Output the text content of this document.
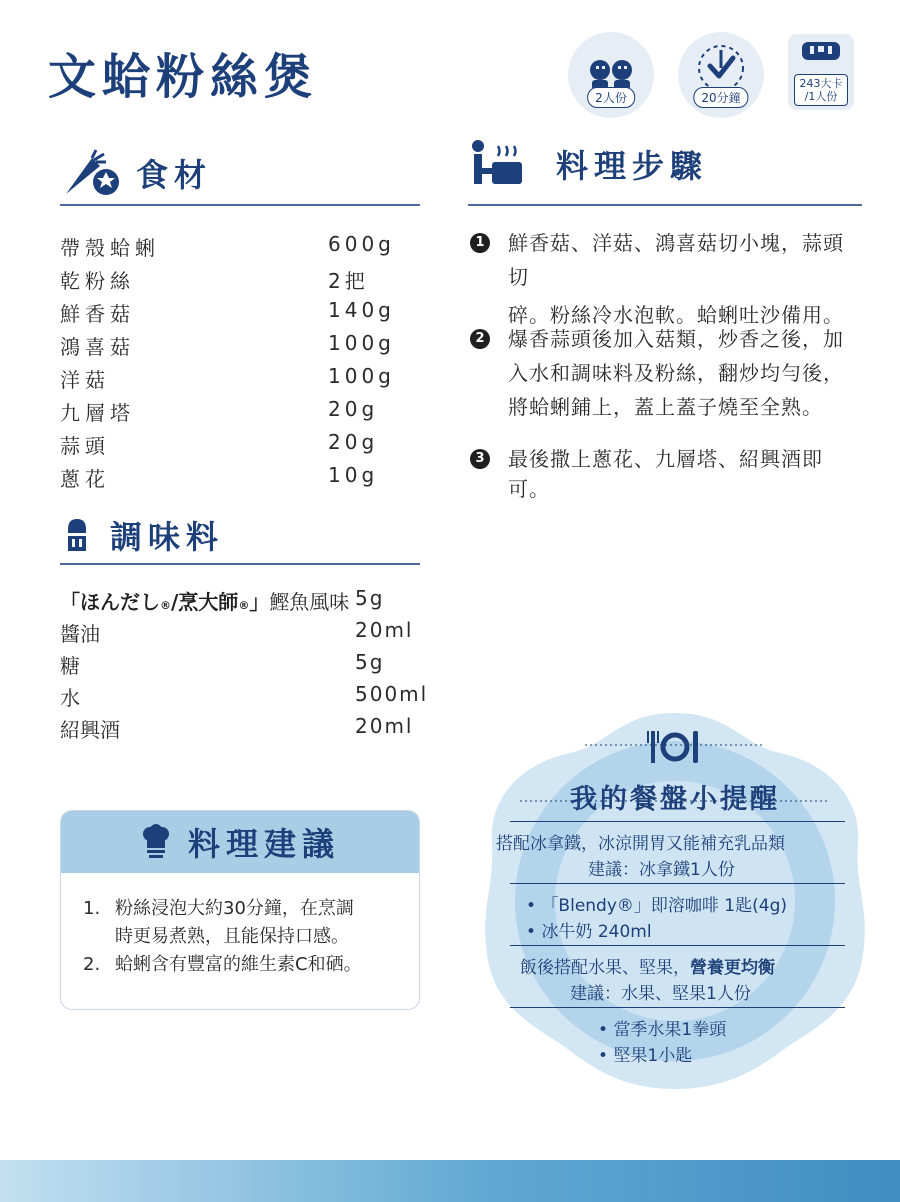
文蛤粉絲煲	2人份	20分鐘
243大卡
/1人份
食材
帶殼蛤蜊	600g
乾粉絲	2把
鮮香菇	140g
鴻喜菇	100g
洋菇	100g
九層塔	20g
蒜頭	20g
蔥花	10g
調味料
「ほんだし®/烹大師®」鰹魚風味 5g
醬油	20ml
糖	5g
水	500ml
紹興酒	20ml
料理步驟
1 鮮香菇、洋菇、鴻喜菇切小塊，蒜頭切
碎。粉絲冷水泡軟。蛤蜊吐沙備用。
2 爆香蒜頭後加入菇類，炒香之後，加
入水和調味料及粉絲，翻炒均勻後，
將蛤蜊鋪上，蓋上蓋子燒至全熟。
3 最後撒上蔥花、九層塔、紹興酒即
可。
料理建議
1. 粉絲浸泡大約30分鐘，在烹調
時更易煮熟，且能保持口感。
2. 蛤蜊含有豐富的維生素C和硒。
我的餐盤小提醒
搭配冰拿鐵，冰涼開胃又能補充乳品類
建議：冰拿鐵1人份
• 「Blendy®」即溶咖啡 1匙(4g)
• 冰牛奶 240ml
飯後搭配水果、堅果，營養更均衡
建議：水果、堅果1人份
• 當季水果1拳頭
• 堅果1小匙
